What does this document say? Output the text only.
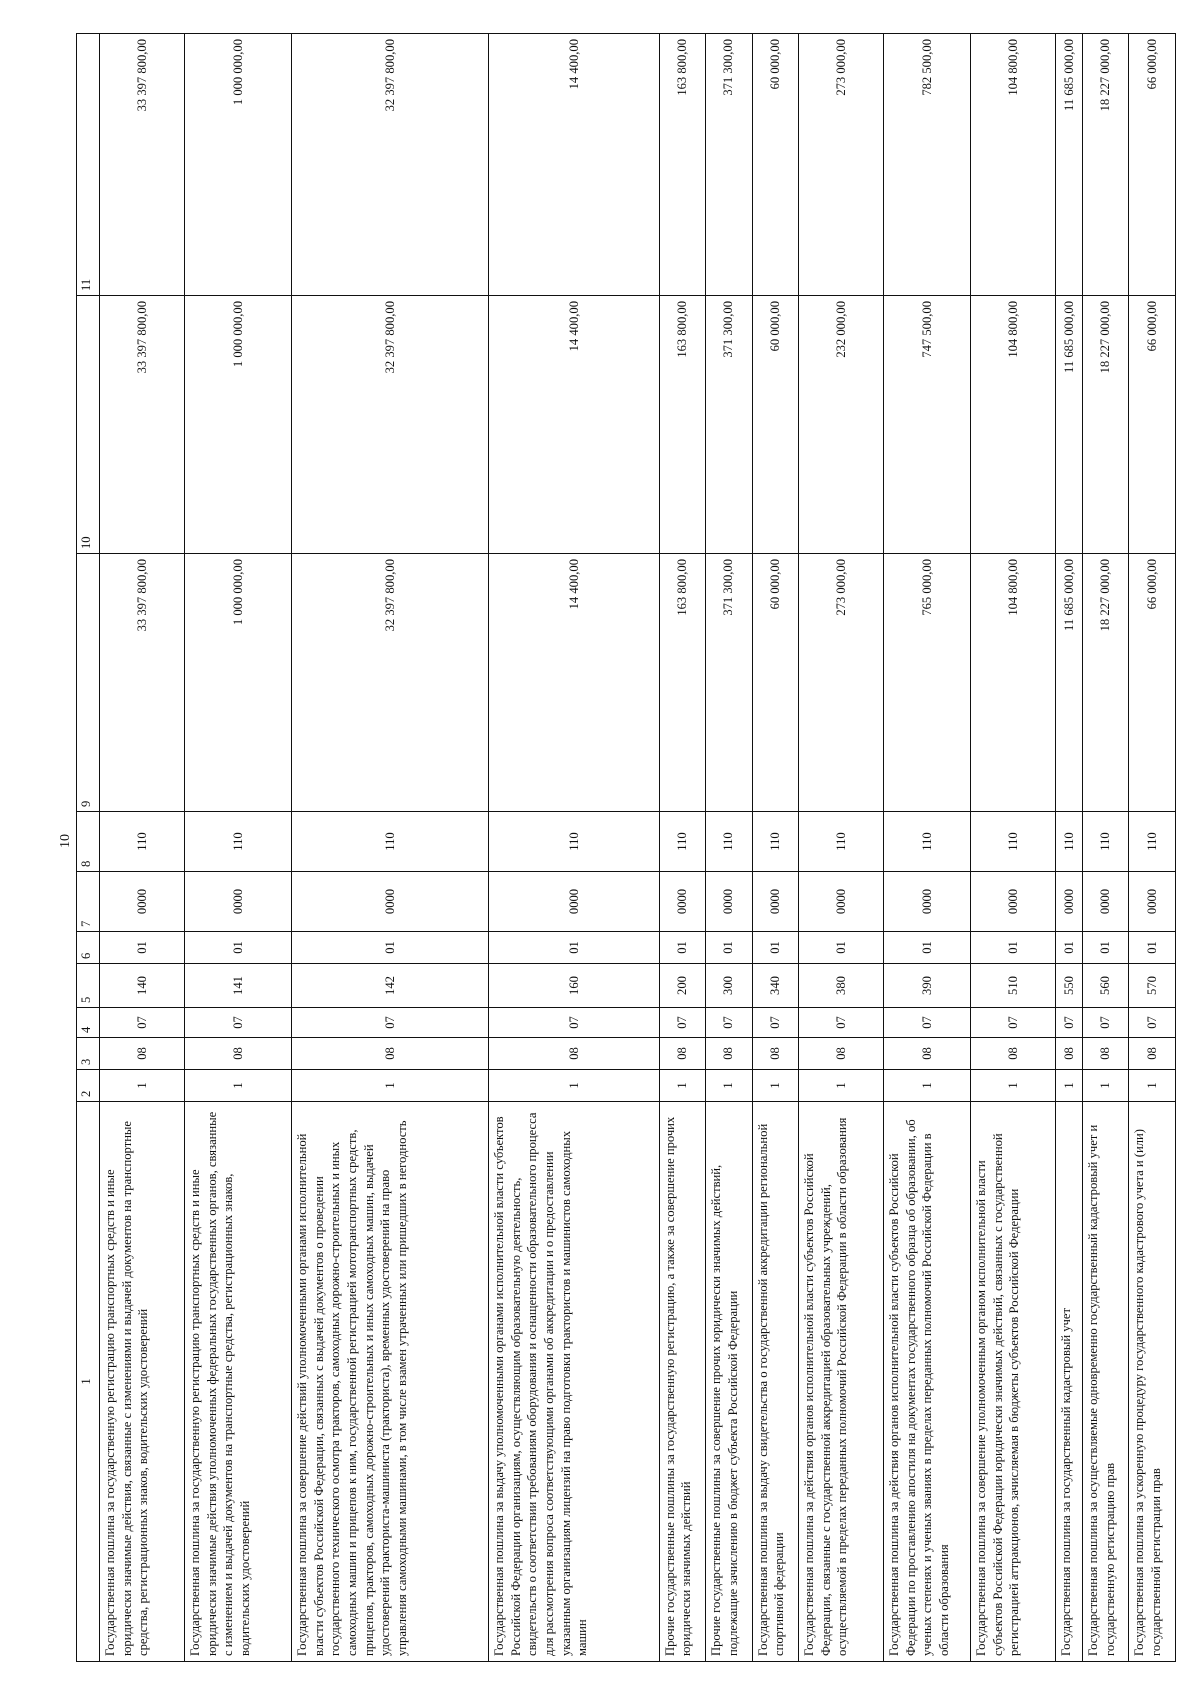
10
1	2	3	4	5	6	7	8	9	10	11
Государственная пошлина за государственную регистрацию транспортных средств и иные юридически значимые действия, связанные с изменениями и выдачей документов на транспортные средства, регистрационных знаков, водительских удостоверений	1	08	07	140	01	0000	110	33 397 800,00	33 397 800,00	33 397 800,00
Государственная пошлина за государственную регистрацию транспортных средств и иные юридически значимые действия уполномоченных федеральных государственных органов, связанные с изменением и выдачей документов на транспортные средства, регистрационных знаков, водительских удостоверений	1	08	07	141	01	0000	110	1 000 000,00	1 000 000,00	1 000 000,00
Государственная пошлина за совершение действий уполномоченными органами исполнительной власти субъектов Российской Федерации, связанных с выдачей документов о проведении государственного технического осмотра тракторов, самоходных дорожно-строительных и иных самоходных машин и прицепов к ним, государственной регистрацией мототранспортных средств, прицепов, тракторов, самоходных дорожно-строительных и иных самоходных машин, выдачей удостоверений тракториста-машиниста (тракториста), временных удостоверений на право управления самоходными машинами, в том числе взамен утраченных или пришедших в негодность	1	08	07	142	01	0000	110	32 397 800,00	32 397 800,00	32 397 800,00
Государственная пошлина за выдачу уполномоченными органами исполнительной власти субъектов Российской Федерации организациям, осуществляющим образовательную деятельность, свидетельств о соответствии требованиям оборудования и оснащенности образовательного процесса для рассмотрения вопроса соответствующими органами об аккредитации и о предоставлении указанным организациям лицензий на право подготовки трактористов и машинистов самоходных машин	1	08	07	160	01	0000	110	14 400,00	14 400,00	14 400,00
Прочие государственные пошлины за государственную регистрацию, а также за совершение прочих юридически значимых действий	1	08	07	200	01	0000	110	163 800,00	163 800,00	163 800,00
Прочие государственные пошлины за совершение прочих юридически значимых действий, подлежащие зачислению в бюджет субъекта Российской Федерации	1	08	07	300	01	0000	110	371 300,00	371 300,00	371 300,00
Государственная пошлина за выдачу свидетельства о государственной аккредитации региональной спортивной федерации	1	08	07	340	01	0000	110	60 000,00	60 000,00	60 000,00
Государственная пошлина за действия органов исполнительной власти субъектов Российской Федерации, связанные с государственной аккредитацией образовательных учреждений, осуществляемой в пределах переданных полномочий Российской Федерации в области образования	1	08	07	380	01	0000	110	273 000,00	232 000,00	273 000,00
Государственная пошлина за действия органов исполнительной власти субъектов Российской Федерации по проставлению апостиля на документах государственного образца об образовании, об ученых степенях и ученых званиях в пределах переданных полномочий Российской Федерации в области образования	1	08	07	390	01	0000	110	765 000,00	747 500,00	782 500,00
Государственная пошлина за совершение уполномоченным органом исполнительной власти субъектов Российской Федерации юридически значимых действий, связанных с государственной регистрацией аттракционов, зачисляемая в бюджеты субъектов Российской Федерации	1	08	07	510	01	0000	110	104 800,00	104 800,00	104 800,00
Государственная пошлина за государственный кадастровый учет	1	08	07	550	01	0000	110	11 685 000,00	11 685 000,00	11 685 000,00
Государственная пошлина за осуществляемые одновременно государственный кадастровый учет и государственную регистрацию прав	1	08	07	560	01	0000	110	18 227 000,00	18 227 000,00	18 227 000,00
Государственная пошлина за ускоренную процедуру государственного кадастрового учета и (или) государственной регистрации прав	1	08	07	570	01	0000	110	66 000,00	66 000,00	66 000,00
